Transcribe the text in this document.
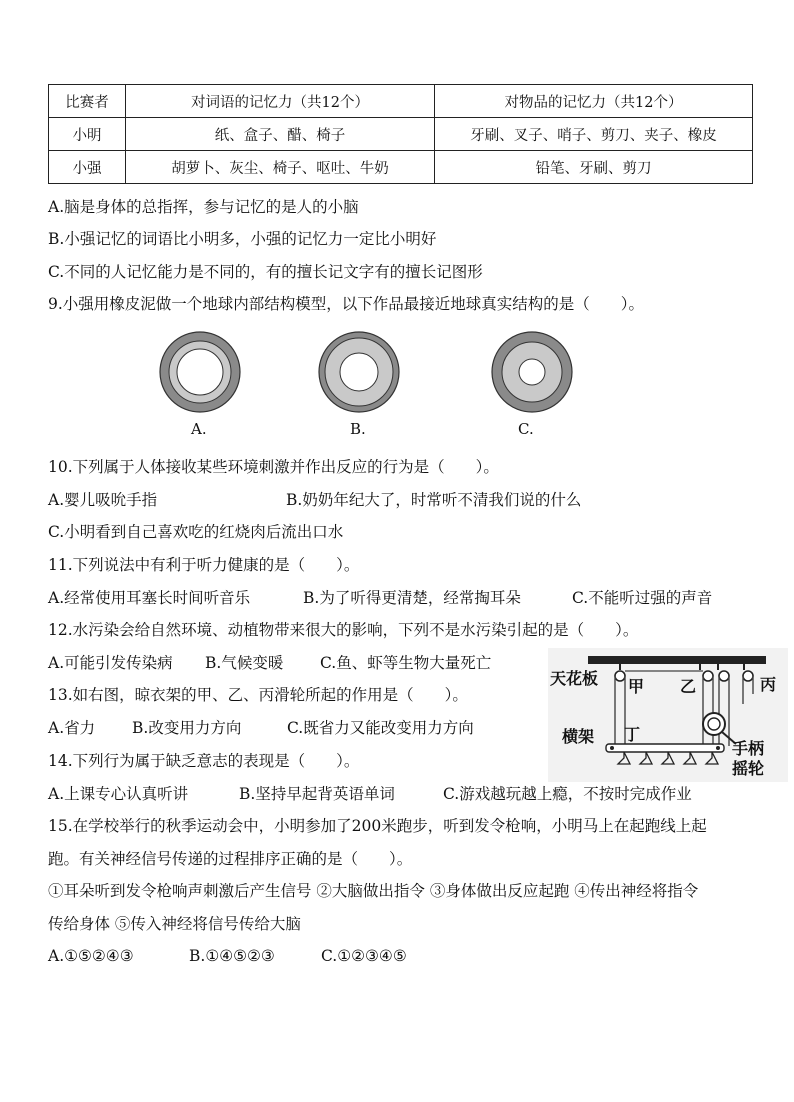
比赛者	对词语的记忆力（共12个）	对物品的记忆力（共12个）
小明	纸、盒子、醋、椅子	牙刷、叉子、哨子、剪刀、夹子、橡皮
小强	胡萝卜、灰尘、椅子、呕吐、牛奶	铅笔、牙刷、剪刀
A.脑是身体的总指挥，参与记忆的是人的小脑
B.小强记忆的词语比小明多，小强的记忆力一定比小明好
C.不同的人记忆能力是不同的，有的擅长记文字有的擅长记图形
9.小强用橡皮泥做一个地球内部结构模型，以下作品最接近地球真实结构的是（　　）。
A.	B.	C.
10.下列属于人体接收某些环境刺激并作出反应的行为是（　　）。
A.婴儿吸吮手指	B.奶奶年纪大了，时常听不清我们说的什么
C.小明看到自己喜欢吃的红烧肉后流出口水
11.下列说法中有利于听力健康的是（　　）。
A.经常使用耳塞长时间听音乐	B.为了听得更清楚，经常掏耳朵	C.不能听过强的声音
12.水污染会给自然环境、动植物带来很大的影响，下列不是水污染引起的是（　　）。
A.可能引发传染病 B.气候变暖 C.鱼、虾等生物大量死亡
13.如右图，晾衣架的甲、乙、丙滑轮所起的作用是（　　）。
A.省力 B.改变用力方向	C.既省力又能改变用力方向
14.下列行为属于缺乏意志的表现是（　　）。
A.上课专心认真听讲	B.坚持早起背英语单词	C.游戏越玩越上瘾，不按时完成作业
15.在学校举行的秋季运动会中，小明参加了200米跑步，听到发令枪响，小明马上在起跑线上起
跑。有关神经信号传递的过程排序正确的是（　　）。
①耳朵听到发令枪响声刺激后产生信号 ②大脑做出指令 ③身体做出反应起跑 ④传出神经将指令
传给身体 ⑤传入神经将信号传给大脑
A.①⑤②④③	B.①④⑤②③	C.①②③④⑤
天花板 甲 乙	丙
横架 丁
手柄
摇轮
